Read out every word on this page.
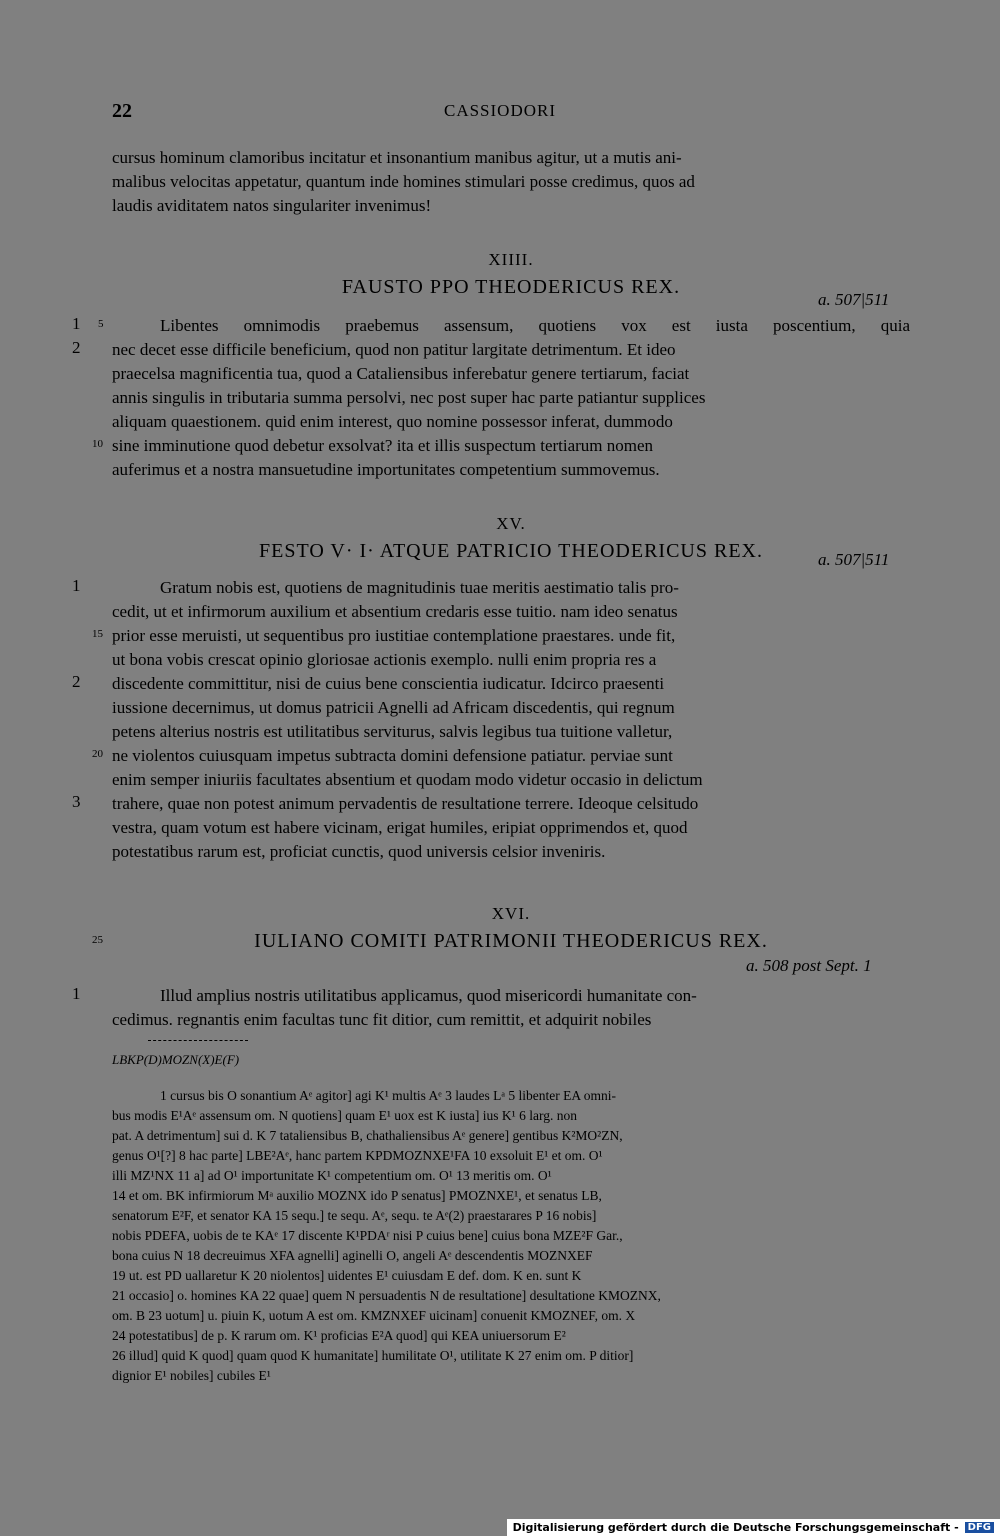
22	CASSIODORI
cursus hominum clamoribus incitatur et insonantium manibus agitur, ut a mutis ani-
malibus velocitas appetatur, quantum inde homines stimulari posse credimus, quos ad
laudis aviditatem natos singulariter invenimus!
XIIII.
FAUSTO PPO THEODERICUS REX.
a. 507|511
Libentes omnimodis praebemus assensum, quotiens vox est iusta poscentium, quia
nec decet esse difficile beneficium, quod non patitur largitate detrimentum. Et ideo
praecelsa magnificentia tua, quod a Cataliensibus inferebatur genere tertiarum, faciat
annis singulis in tributaria summa persolvi, nec post super hac parte patiantur supplices
aliquam quaestionem. quid enim interest, quo nomine possessor inferat, dummodo
sine imminutione quod debetur exsolvat? ita et illis suspectum tertiarum nomen
auferimus et a nostra mansuetudine importunitates competentium summovemus.
1 5
2
10
XV.
FESTO V· I· ATQUE PATRICIO THEODERICUS REX.	a. 507|511
Gratum nobis est, quotiens de magnitudinis tuae meritis aestimatio talis pro-
cedit, ut et infirmorum auxilium et absentium credaris esse tuitio. nam ideo senatus
prior esse meruisti, ut sequentibus pro iustitiae contemplatione praestares. unde fit,
ut bona vobis crescat opinio gloriosae actionis exemplo. nulli enim propria res a
discedente committitur, nisi de cuius bene conscientia iudicatur. Idcirco praesenti
iussione decernimus, ut domus patricii Agnelli ad Africam discedentis, qui regnum
petens alterius nostris est utilitatibus serviturus, salvis legibus tua tuitione valletur,
ne violentos cuiusquam impetus subtracta domini defensione patiatur. perviae sunt
enim semper iniuriis facultates absentium et quodam modo videtur occasio in delictum
trahere, quae non potest animum pervadentis de resultatione terrere. Ideoque celsitudo
vestra, quam votum est habere vicinam, erigat humiles, eripiat opprimendos et, quod
potestatibus rarum est, proficiat cunctis, quod universis celsior inveniris.
1
15
2
20
3
XVI.
IULIANO COMITI PATRIMONII THEODERICUS REX.
a. 508 post Sept. 1
Illud amplius nostris utilitatibus applicamus, quod misericordi humanitate con-
cedimus. regnantis enim facultas tunc fit ditior, cum remittit, et adquirit nobiles
25
1
LBKP(D)MOZN(X)E(F)
1 cursus bis O sonantium Aᵉ agitor] agi K¹ multis Aᵉ 3 laudes Lᵃ 5 libenter EA omni-
bus modis E¹Aᵉ assensum om. N quotiens] quam E¹ uox est K iusta] ius K¹ 6 larg. non
pat. A detrimentum] sui d. K 7 tataliensibus B, chathaliensibus Aᵉ genere] gentibus K²MO²ZN,
genus O¹[?] 8 hac parte] LBE²Aᵉ, hanc partem KPDMOZNXE¹FA 10 exsoluit E¹ et om. O¹
illi MZ¹NX 11 a] ad O¹ importunitate K¹ competentium om. O¹ 13 meritis om. O¹
14 et om. BK infirmiorum Mᵃ auxilio MOZNX ido P senatus] PMOZNXE¹, et senatus LB,
senatorum E²F, et senator KA 15 sequ.] te sequ. Aᵉ, sequ. te Aᵉ(2) praestarares P 16 nobis]
nobis PDEFA, uobis de te KAᵉ 17 discente K¹PDAʳ nisi P cuius bene] cuius bona MZE²F Gar.,
bona cuius N 18 decreuimus XFA agnelli] aginelli O, angeli Aᵉ descendentis MOZNXEF
19 ut. est PD uallaretur K 20 niolentos] uidentes E¹ cuiusdam E def. dom. K en. sunt K
21 occasio] o. homines KA 22 quae] quem N persuadentis N de resultatione] desultatione KMOZNX,
om. B 23 uotum] u. piuin K, uotum A est om. KMZNXEF uicinam] conuenit KMOZNEF, om. X
24 potestatibus] de p. K rarum om. K¹ proficias E²A quod] qui KEA uniuersorum E²
26 illud] quid K quod] quam quod K humanitate] humilitate O¹, utilitate K 27 enim om. P ditior]
dignior E¹ nobiles] cubiles E¹
Digitalisierung gefördert durch die Deutsche Forschungsgemeinschaft - DFG
